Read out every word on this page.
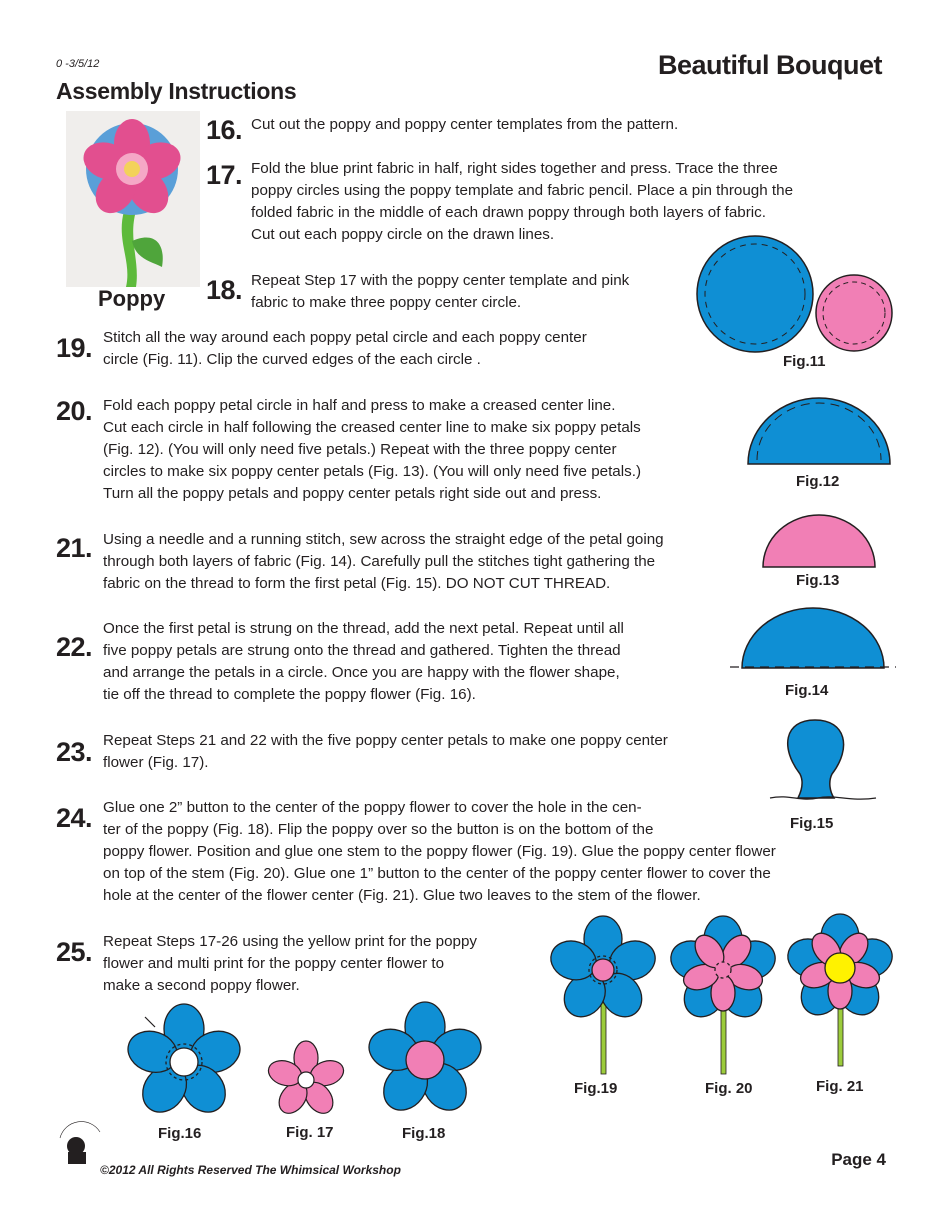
0 -3/5/12	Beautiful Bouquet
Assembly Instructions
Poppy
16. Cut out the poppy and poppy center templates from the pattern.
17. Fold the blue print fabric in half, right sides together and press. Trace the three
poppy circles using the poppy template and fabric pencil. Place a pin through the
folded fabric in the middle of each drawn poppy through both layers of fabric.
Cut out each poppy circle on the drawn lines.
18. Repeat Step 17 with the poppy center template and pink
fabric to make three poppy center circle.
19. Stitch all the way around each poppy petal circle and each poppy center
circle (Fig. 11). Clip the curved edges of the each circle .
20. Fold each poppy petal circle in half and press to make a creased center line.
Cut each circle in half following the creased center line to make six poppy petals
(Fig. 12). (You will only need five petals.) Repeat with the three poppy center
circles to make six poppy center petals (Fig. 13). (You will only need five petals.)
Turn all the poppy petals and poppy center petals right side out and press.
21. Using a needle and a running stitch, sew across the straight edge of the petal going
through both layers of fabric (Fig. 14). Carefully pull the stitches tight gathering the
fabric on the thread to form the first petal (Fig. 15). DO NOT CUT THREAD.
22.
Once the first petal is strung on the thread, add the next petal. Repeat until all
five poppy petals are strung onto the thread and gathered. Tighten the thread
and arrange the petals in a circle. Once you are happy with the flower shape,
tie off the thread to complete the poppy flower (Fig. 16).
23. Repeat Steps 21 and 22 with the five poppy center petals to make one poppy center
flower (Fig. 17).
24. Glue one 2” button to the center of the poppy flower to cover the hole in the cen-
ter of the poppy (Fig. 18). Flip the poppy over so the button is on the bottom of the
poppy flower. Position and glue one stem to the poppy flower (Fig. 19). Glue the poppy center flower
on top of the stem (Fig. 20). Glue one 1” button to the center of the poppy center flower to cover the
hole at the center of the flower center (Fig. 21). Glue two leaves to the stem of the flower.
25. Repeat Steps 17-26 using the yellow print for the poppy
flower and multi print for the poppy center flower to
make a second poppy flower.
Fig.11
Fig.12
Fig.13
Fig.14
Fig.15
Fig.16	Fig. 17	Fig.18
Fig.19	Fig. 20	Fig. 21
©2012 All Rights Reserved The Whimsical Workshop
Page 4
